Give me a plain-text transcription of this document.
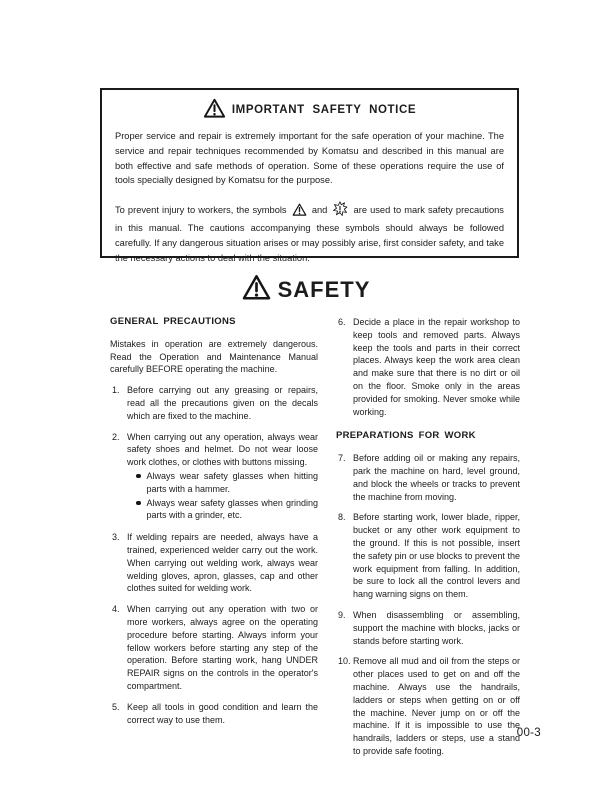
IMPORTANT SAFETY NOTICE

Proper service and repair is extremely important for the safe operation of your machine. The service and repair techniques recommended by Komatsu and described in this manual are both effective and safe methods of operation. Some of these operations require the use of tools specially designed by Komatsu for the purpose.

To prevent injury to workers, the symbols	and	are used to mark safety precautions in this manual. The cautions accompanying these symbols should always be followed carefully. If any dangerous situation arises or may possibly arise, first consider safety, and take the necessary actions to deal with the situation.

SAFETY
GENERAL PRECAUTIONS
Mistakes in operation are extremely dangerous. Read the Operation and Maintenance Manual carefully BEFORE operating the machine.
1. Before carrying out any greasing or repairs, read all the precautions given on the decals which are fixed to the machine.
2. When carrying out any operation, always wear safety shoes and helmet. Do not wear loose work clothes, or clothes with buttons missing.
Always wear safety glasses when hitting parts with a hammer.
Always wear safety glasses when grinding parts with a grinder, etc.
3. If welding repairs are needed, always have a trained, experienced welder carry out the work. When carrying out welding work, always wear welding gloves, apron, glasses, cap and other clothes suited for welding work.
4. When carrying out any operation with two or more workers, always agree on the operating procedure before starting. Always inform your fellow workers before starting any step of the operation. Before starting work, hang UNDER REPAIR signs on the controls in the operator's compartment.
5. Keep all tools in good condition and learn the correct way to use them.
6. Decide a place in the repair workshop to keep tools and removed parts. Always keep the tools and parts in their correct places. Always keep the work area clean and make sure that there is no dirt or oil on the floor. Smoke only in the areas provided for smoking. Never smoke while working.
PREPARATIONS FOR WORK
7. Before adding oil or making any repairs, park the machine on hard, level ground, and block the wheels or tracks to prevent the machine from moving.
8. Before starting work, lower blade, ripper, bucket or any other work equipment to the ground. If this is not possible, insert the safety pin or use blocks to prevent the work equipment from falling. In addition, be sure to lock all the control levers and hang warning signs on them.
9. When disassembling or assembling, support the machine with blocks, jacks or stands before starting work.
10. Remove all mud and oil from the steps or other places used to get on and off the machine. Always use the handrails, ladders or steps when getting on or off the machine. Never jump on or off the machine. If it is impossible to use the handrails, ladders or steps, use a stand to provide safe footing.
00-3
